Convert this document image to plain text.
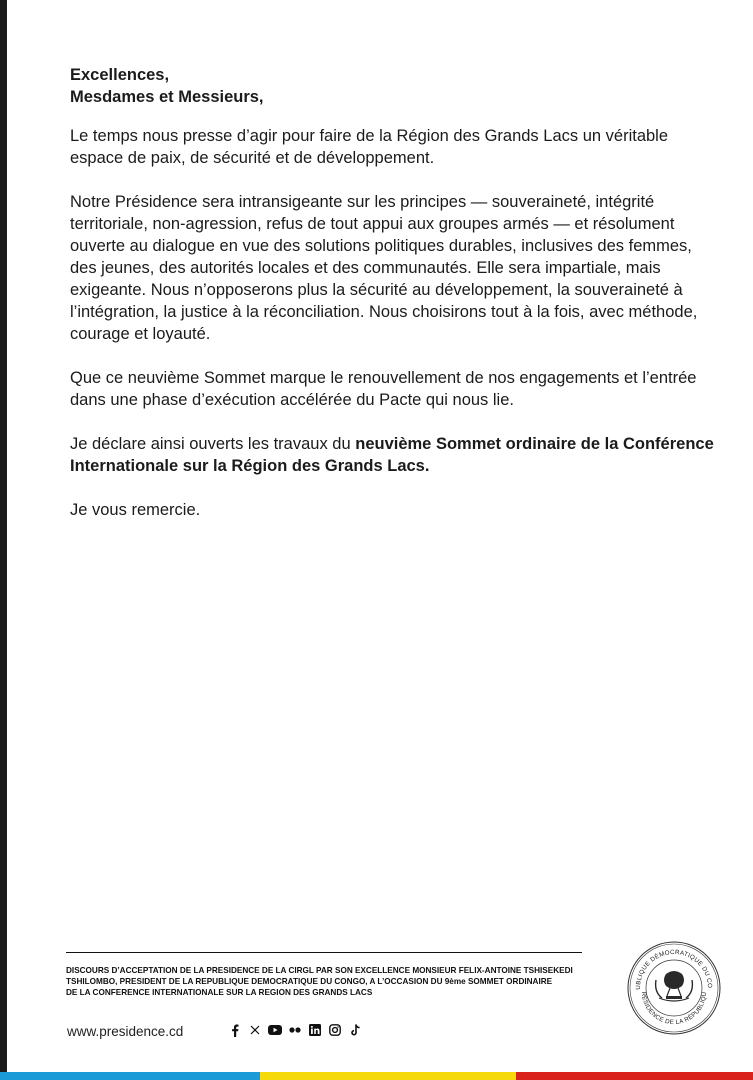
Excellences,
Mesdames et Messieurs,

Le temps nous presse d’agir pour faire de la Région des Grands Lacs un véritable espace de paix, de sécurité et de développement.

Notre Présidence sera intransigeante sur les principes — souveraineté, intégrité territoriale, non-agression, refus de tout appui aux groupes armés — et résolument ouverte au dialogue en vue des solutions politiques durables, inclusives des femmes, des jeunes, des autorités locales et des communautés. Elle sera impartiale, mais exigeante. Nous n’opposerons plus la sécurité au développement, la souveraineté à l’intégration, la justice à la réconciliation. Nous choisirons tout à la fois, avec méthode, courage et loyauté.

Que ce neuvième Sommet marque le renouvellement de nos engagements et l’entrée dans une phase d’exécution accélérée du Pacte qui nous lie.

Je déclare ainsi ouverts les travaux du neuvième Sommet ordinaire de la Conférence Internationale sur la Région des Grands Lacs.

Je vous remercie.

DISCOURS D’ACCEPTATION DE LA PRESIDENCE DE LA CIRGL PAR SON EXCELLENCE MONSIEUR FELIX-ANTOINE TSHISEKEDI
TSHILOMBO, PRESIDENT DE LA REPUBLIQUE DEMOCRATIQUE DU CONGO, A L’OCCASION DU 9ème SOMMET ORDINAIRE
DE LA CONFERENCE INTERNATIONALE SUR LA REGION DES GRANDS LACS
www.presidence.cd
UBLIQUE DÉMOCRATIQUE DU CO
RÉSIDENCE DE LA RÉPUBLIQU
